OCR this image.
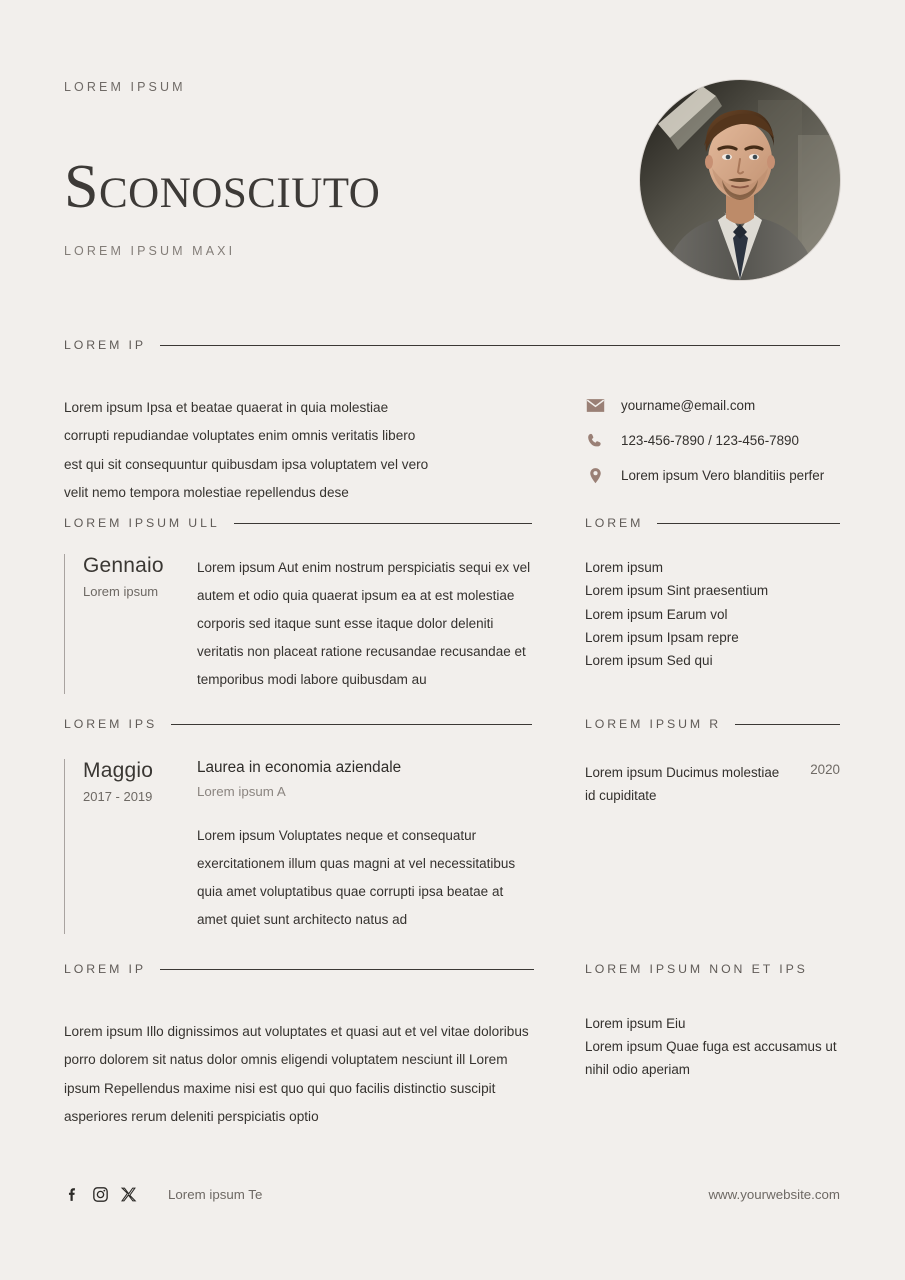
LOREM IPSUM
Sconosciuto
LOREM IPSUM MAXI
LOREM IP
Lorem ipsum Ipsa et beatae quaerat in quia molestiae corrupti repudiandae voluptates enim omnis veritatis libero est qui sit consequuntur quibusdam ipsa voluptatem vel vero velit nemo tempora molestiae repellendus dese
yourname@email.com
123-456-7890 / 123-456-7890
Lorem ipsum Vero blanditiis perfer
LOREM IPSUM ULL
Gennaio
Lorem ipsum
Lorem ipsum Aut enim nostrum perspiciatis sequi ex vel autem et odio quia quaerat ipsum ea at est molestiae corporis sed itaque sunt esse itaque dolor deleniti veritatis non placeat ratione recusandae recusandae et temporibus modi labore quibusdam au
LOREM
Lorem ipsum
Lorem ipsum Sint praesentium
Lorem ipsum Earum vol
Lorem ipsum Ipsam repre
Lorem ipsum Sed qui
LOREM IPS
Maggio
2017 - 2019
Laurea in economia aziendale
Lorem ipsum A
Lorem ipsum Voluptates neque et consequatur exercitationem illum quas magni at vel necessitatibus quia amet voluptatibus quae corrupti ipsa beatae at amet quiet sunt architecto natus ad
LOREM IPSUM R
Lorem ipsum Ducimus molestiae id cupiditate
2020
LOREM IP
Lorem ipsum Illo dignissimos aut voluptates et quasi aut et vel vitae doloribus porro dolorem sit natus dolor omnis eligendi voluptatem nesciunt ill Lorem ipsum Repellendus maxime nisi est quo qui quo facilis distinctio suscipit asperiores rerum deleniti perspiciatis optio
LOREM IPSUM NON ET IPS
Lorem ipsum Eiu
Lorem ipsum Quae fuga est accusamus ut nihil odio aperiam
Lorem ipsum Te	www.yourwebsite.com
